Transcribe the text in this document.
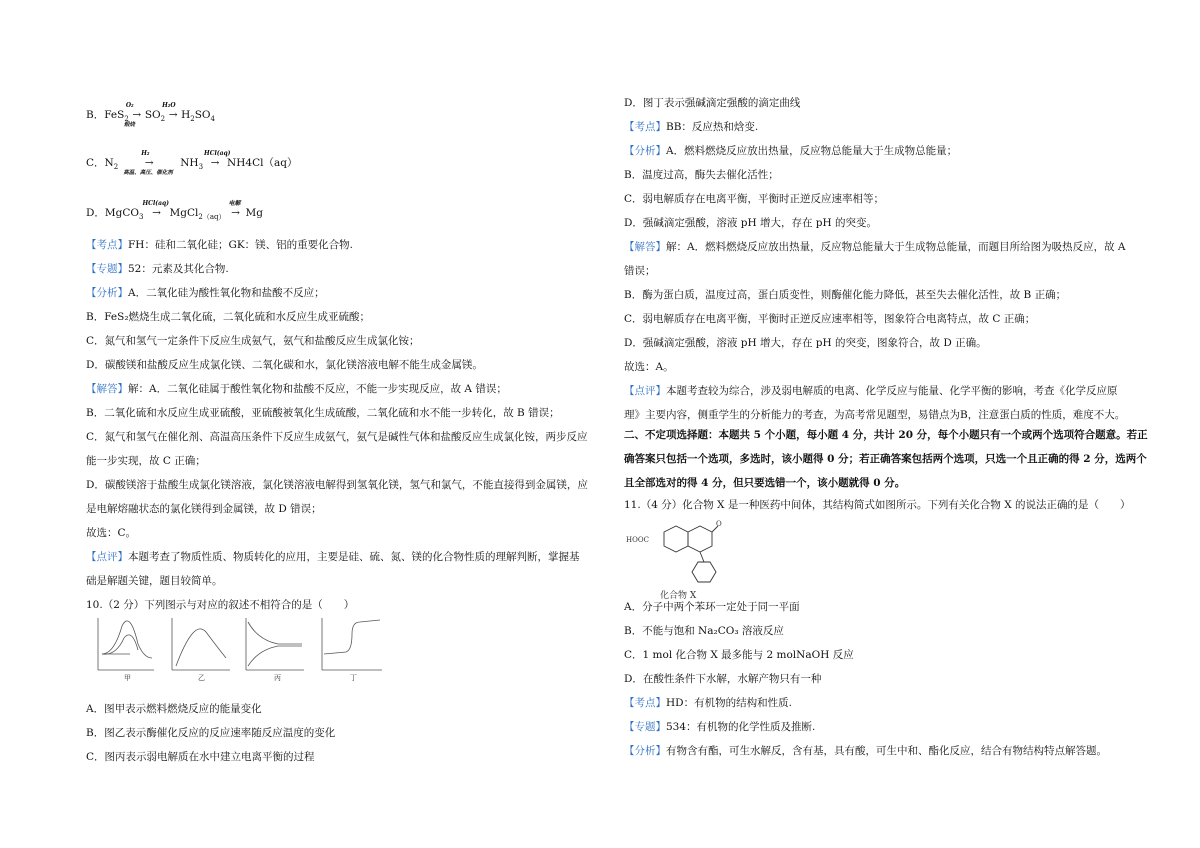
B．FeS$_2$ →
O₂
煅烧
$SO_2$ →
H₂O
$H_2SO_4$
C．$N_2$	→
H₂
高温、高压、催化剂
$NH_3$ →
HCl(aq)
NH4Cl（aq）
D．MgCO$_3$ →
HCl(aq)
MgCl$_{2(aq)}$ →
电解
Mg
【考点】FH：硅和二氧化硅；GK：镁、铝的重要化合物.
【专题】52：元素及其化合物.
【分析】A．二氧化硅为酸性氧化物和盐酸不反应；
B．FeS₂燃烧生成二氧化硫，二氧化硫和水反应生成亚硫酸；
C．氮气和氢气一定条件下反应生成氨气，氨气和盐酸反应生成氯化铵；
D．碳酸镁和盐酸反应生成氯化镁、二氧化碳和水，氯化镁溶液电解不能生成金属镁。
【解答】解：A．二氧化硅属于酸性氧化物和盐酸不反应，不能一步实现反应，故 A 错误；
B．二氧化硫和水反应生成亚硫酸，亚硫酸被氧化生成硫酸，二氧化硫和水不能一步转化，故 B 错误；
C．氮气和氢气在催化剂、高温高压条件下反应生成氨气，氨气是碱性气体和盐酸反应生成氯化铵，两步反应
能一步实现，故 C 正确；
D．碳酸镁溶于盐酸生成氯化镁溶液，氯化镁溶液电解得到氢氧化镁，氢气和氯气，不能直接得到金属镁，应
是电解熔融状态的氯化镁得到金属镁，故 D 错误；
故选：C。
【点评】本题考查了物质性质、物质转化的应用，主要是硅、硫、氮、镁的化合物性质的理解判断，掌握基
础是解题关键，题目较简单。
10.（2 分）下列图示与对应的叙述不相符合的是（　　）
甲	乙	丙	丁
A．图甲表示燃料燃烧反应的能量变化
B．图乙表示酶催化反应的反应速率随反应温度的变化
C．图丙表示弱电解质在水中建立电离平衡的过程
D．图丁表示强碱滴定强酸的滴定曲线
【考点】BB：反应热和焓变.
【分析】A．燃料燃烧反应放出热量，反应物总能量大于生成物总能量；
B．温度过高，酶失去催化活性；
C．弱电解质存在电离平衡，平衡时正逆反应速率相等；
D．强碱滴定强酸，溶液 pH 增大，存在 pH 的突变。
【解答】解：A．燃料燃烧反应放出热量，反应物总能量大于生成物总能量，而题目所给图为吸热反应，故 A
错误；
B．酶为蛋白质，温度过高，蛋白质变性，则酶催化能力降低，甚至失去催化活性，故 B 正确；
C．弱电解质存在电离平衡，平衡时正逆反应速率相等，图象符合电离特点，故 C 正确；
D．强碱滴定强酸，溶液 pH 增大，存在 pH 的突变，图象符合，故 D 正确。
故选：A。
【点评】本题考查较为综合，涉及弱电解质的电离、化学反应与能量、化学平衡的影响，考查《化学反应原
理》主要内容，侧重学生的分析能力的考查，为高考常见题型，易错点为B，注意蛋白质的性质，难度不大。
二、不定项选择题：本题共 5 个小题，每小题 4 分，共计 20 分，每个小题只有一个或两个选项符合题意。若正
确答案只包括一个选项，多选时，该小题得 0 分；若正确答案包括两个选项，只选一个且正确的得 2 分，选两个
且全部选对的得 4 分，但只要选错一个，该小题就得 0 分。
11.（4 分）化合物 X 是一种医药中间体，其结构简式如图所示。下列有关化合物 X 的说法正确的是（　　）
HOOC
O
化合物 X
A．分子中两个苯环一定处于同一平面
B．不能与饱和 Na₂CO₃ 溶液反应
C．1 mol 化合物 X 最多能与 2 molNaOH 反应
D．在酸性条件下水解，水解产物只有一种
【考点】HD：有机物的结构和性质.
【专题】534：有机物的化学性质及推断.
【分析】有物含有酯，可生水解反，含有基，具有酸，可生中和、酯化反应，结合有物结构特点解答题。
